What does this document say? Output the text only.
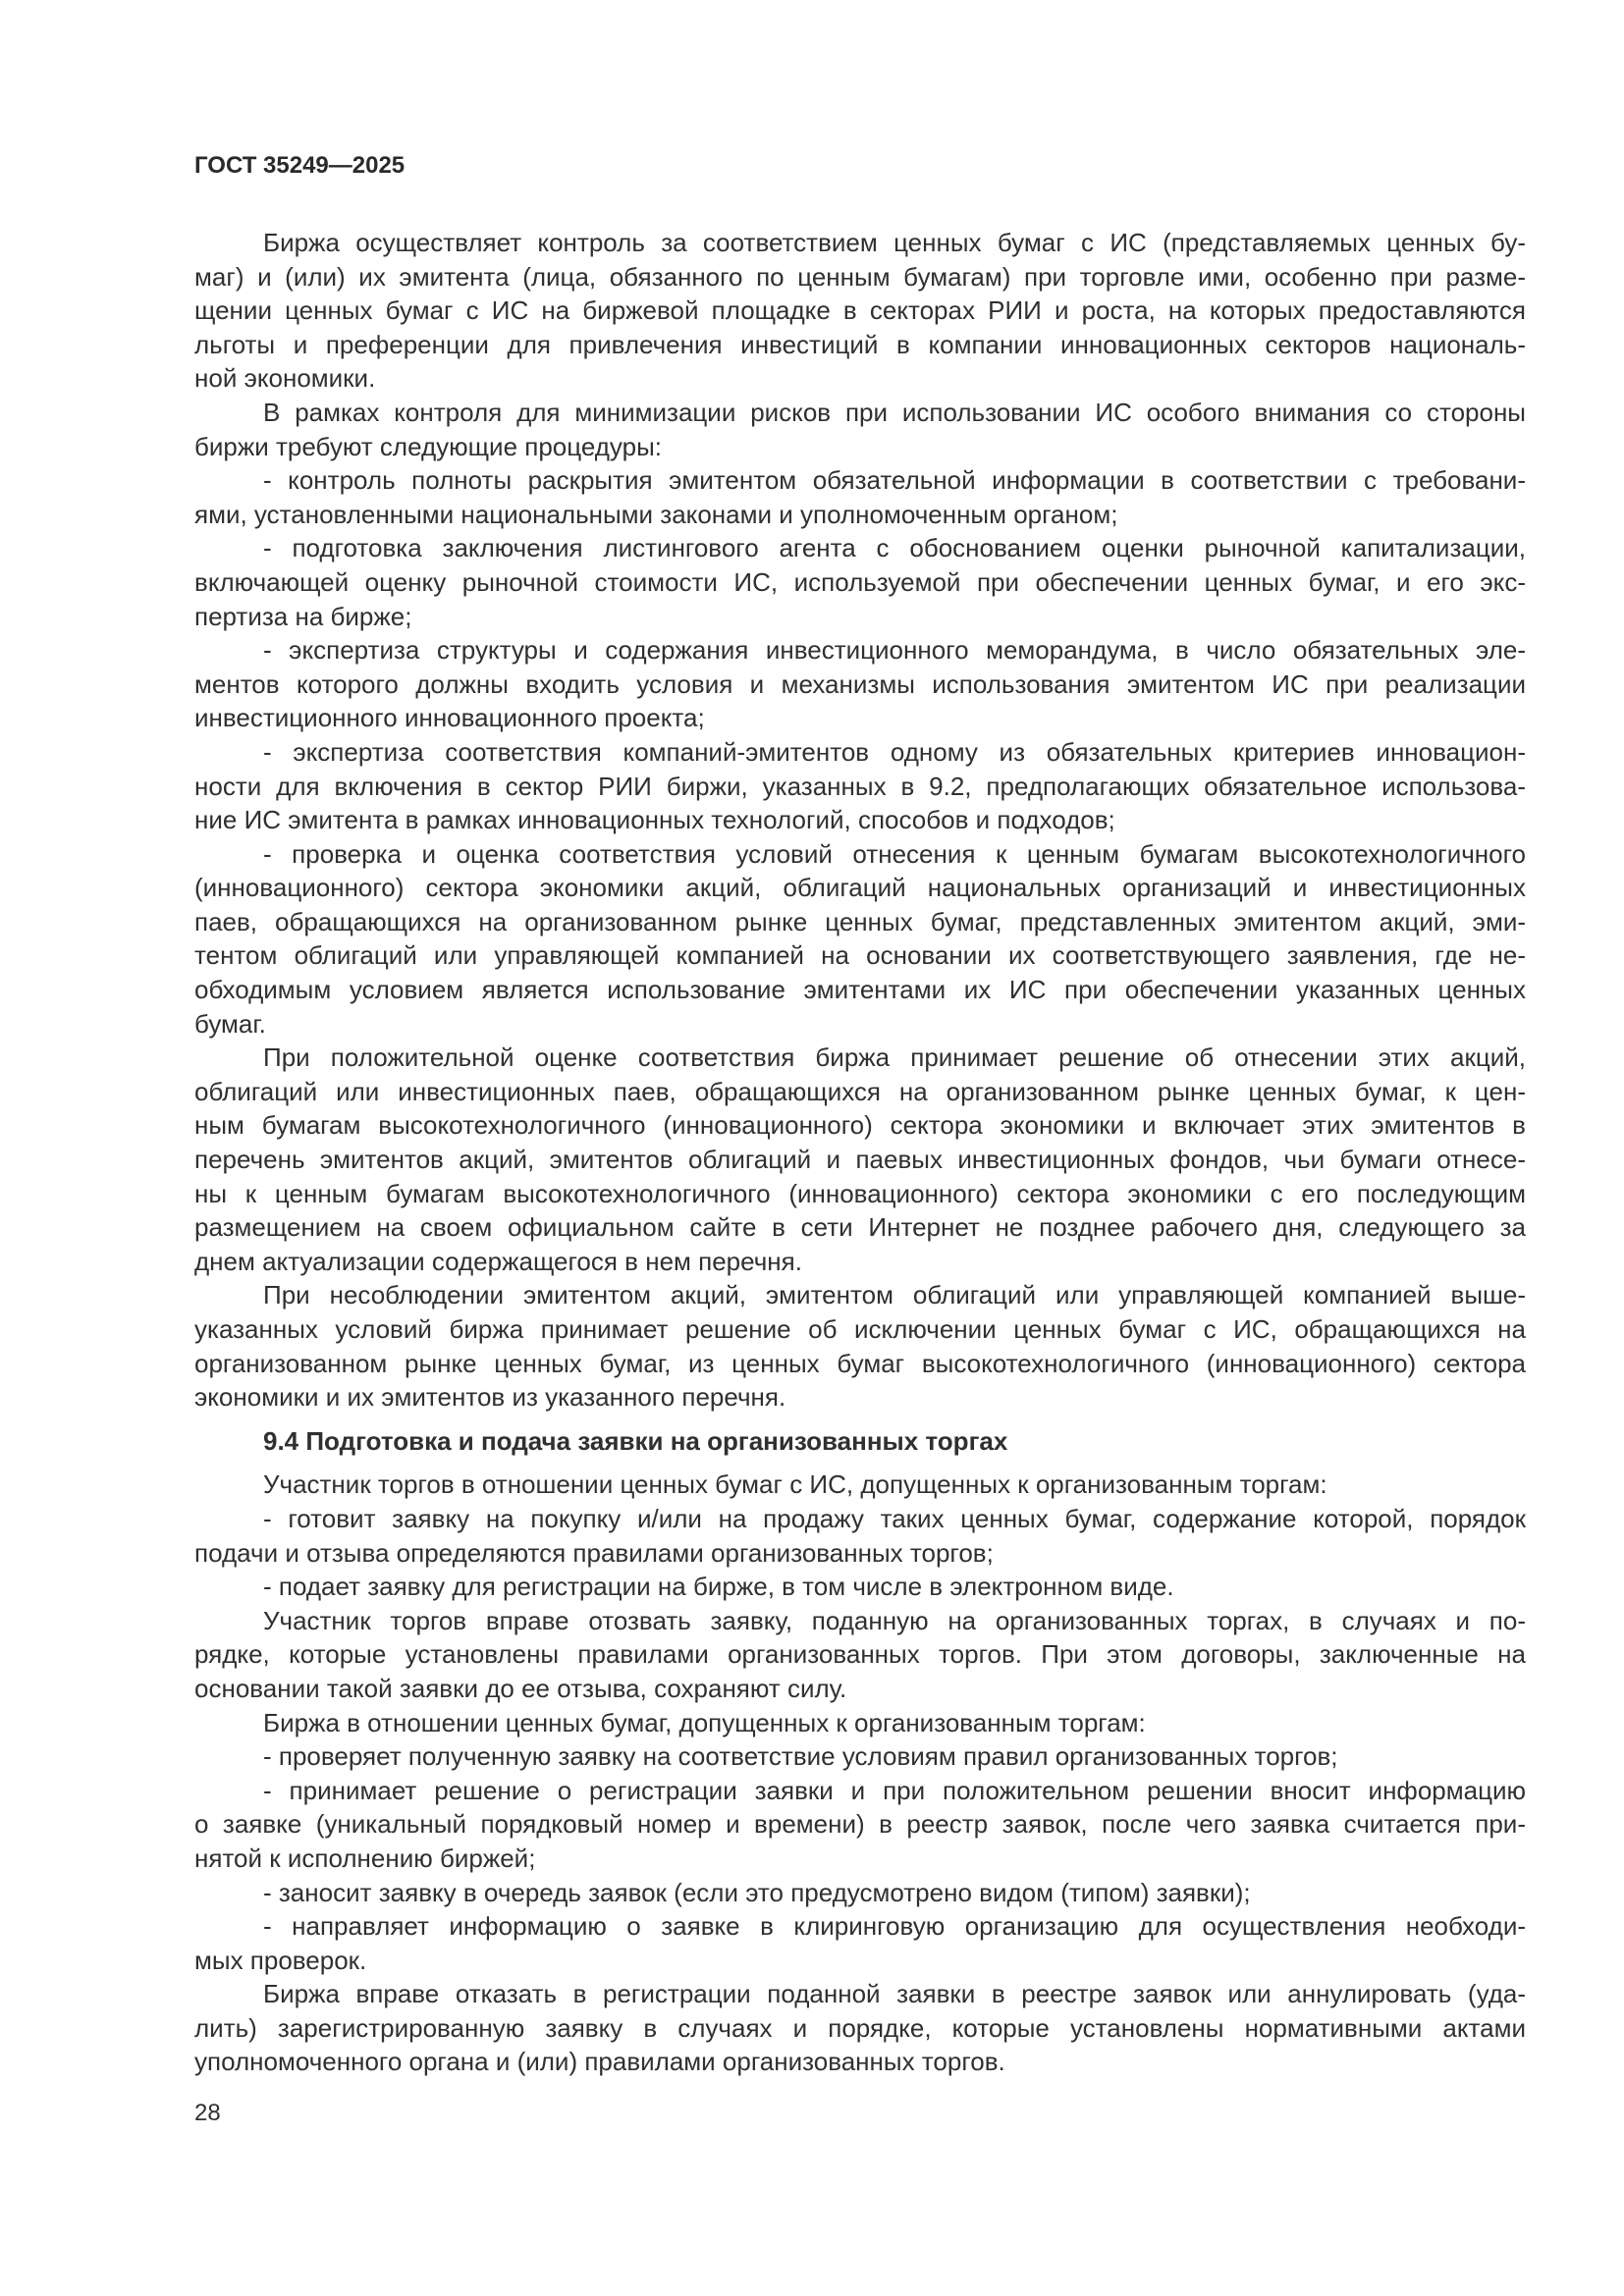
ГОСТ 35249—2025
Биржа осуществляет контроль за соответствием ценных бумаг с ИС (представляемых ценных бу-
маг) и (или) их эмитента (лица, обязанного по ценным бумагам) при торговле ими, особенно при разме-
щении ценных бумаг с ИС на биржевой площадке в секторах РИИ и роста, на которых предоставляются
льготы и преференции для привлечения инвестиций в компании инновационных секторов националь-
ной экономики.
В рамках контроля для минимизации рисков при использовании ИС особого внимания со стороны
биржи требуют следующие процедуры:
- контроль полноты раскрытия эмитентом обязательной информации в соответствии с требовани-
ями, установленными национальными законами и уполномоченным органом;
- подготовка заключения листингового агента с обоснованием оценки рыночной капитализации,
включающей оценку рыночной стоимости ИС, используемой при обеспечении ценных бумаг, и его экс-
пертиза на бирже;
- экспертиза структуры и содержания инвестиционного меморандума, в число обязательных эле-
ментов которого должны входить условия и механизмы использования эмитентом ИС при реализации
инвестиционного инновационного проекта;
- экспертиза соответствия компаний-эмитентов одному из обязательных критериев инновацион-
ности для включения в сектор РИИ биржи, указанных в 9.2, предполагающих обязательное использова-
ние ИС эмитента в рамках инновационных технологий, способов и подходов;
- проверка и оценка соответствия условий отнесения к ценным бумагам высокотехнологичного
(инновационного) сектора экономики акций, облигаций национальных организаций и инвестиционных
паев, обращающихся на организованном рынке ценных бумаг, представленных эмитентом акций, эми-
тентом облигаций или управляющей компанией на основании их соответствующего заявления, где не-
обходимым условием является использование эмитентами их ИС при обеспечении указанных ценных
бумаг.
При положительной оценке соответствия биржа принимает решение об отнесении этих акций,
облигаций или инвестиционных паев, обращающихся на организованном рынке ценных бумаг, к цен-
ным бумагам высокотехнологичного (инновационного) сектора экономики и включает этих эмитентов в
перечень эмитентов акций, эмитентов облигаций и паевых инвестиционных фондов, чьи бумаги отнесе-
ны к ценным бумагам высокотехнологичного (инновационного) сектора экономики с его последующим
размещением на своем официальном сайте в сети Интернет не позднее рабочего дня, следующего за
днем актуализации содержащегося в нем перечня.
При несоблюдении эмитентом акций, эмитентом облигаций или управляющей компанией выше-
указанных условий биржа принимает решение об исключении ценных бумаг с ИС, обращающихся на
организованном рынке ценных бумаг, из ценных бумаг высокотехнологичного (инновационного) сектора
экономики и их эмитентов из указанного перечня.
9.4 Подготовка и подача заявки на организованных торгах
Участник торгов в отношении ценных бумаг с ИС, допущенных к организованным торгам:
- готовит заявку на покупку и/или на продажу таких ценных бумаг, содержание которой, порядок
подачи и отзыва определяются правилами организованных торгов;
- подает заявку для регистрации на бирже, в том числе в электронном виде.
Участник торгов вправе отозвать заявку, поданную на организованных торгах, в случаях и по-
рядке, которые установлены правилами организованных торгов. При этом договоры, заключенные на
основании такой заявки до ее отзыва, сохраняют силу.
Биржа в отношении ценных бумаг, допущенных к организованным торгам:
- проверяет полученную заявку на соответствие условиям правил организованных торгов;
- принимает решение о регистрации заявки и при положительном решении вносит информацию
о заявке (уникальный порядковый номер и времени) в реестр заявок, после чего заявка считается при-
нятой к исполнению биржей;
- заносит заявку в очередь заявок (если это предусмотрено видом (типом) заявки);
- направляет информацию о заявке в клиринговую организацию для осуществления необходи-
мых проверок.
Биржа вправе отказать в регистрации поданной заявки в реестре заявок или аннулировать (уда-
лить) зарегистрированную заявку в случаях и порядке, которые установлены нормативными актами
уполномоченного органа и (или) правилами организованных торгов.
28
